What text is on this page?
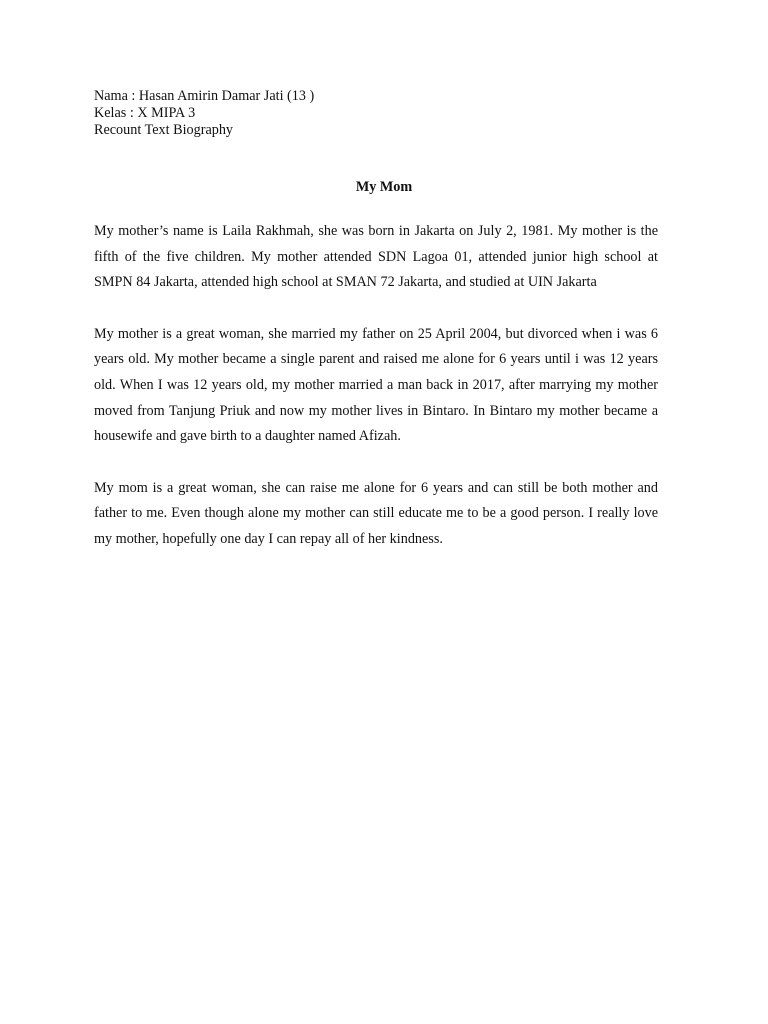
Nama : Hasan Amirin Damar Jati (13 )
Kelas : X MIPA 3
Recount Text Biography
My Mom

My mother’s name is Laila Rakhmah, she was born in Jakarta on July 2, 1981. My mother is the fifth of the five children. My mother attended SDN Lagoa 01, attended junior high school at SMPN 84 Jakarta, attended high school at SMAN 72 Jakarta, and studied at UIN Jakarta

My mother is a great woman, she married my father on 25 April 2004, but divorced when i was 6 years old. My mother became a single parent and raised me alone for 6 years until i was 12 years old. When I was 12 years old, my mother married a man back in 2017, after marrying my mother moved from Tanjung Priuk and now my mother lives in Bintaro. In Bintaro my mother became a housewife and gave birth to a daughter named Afizah.

My mom is a great woman, she can raise me alone for 6 years and can still be both mother and father to me. Even though alone my mother can still educate me to be a good person. I really love my mother, hopefully one day I can repay all of her kindness.
